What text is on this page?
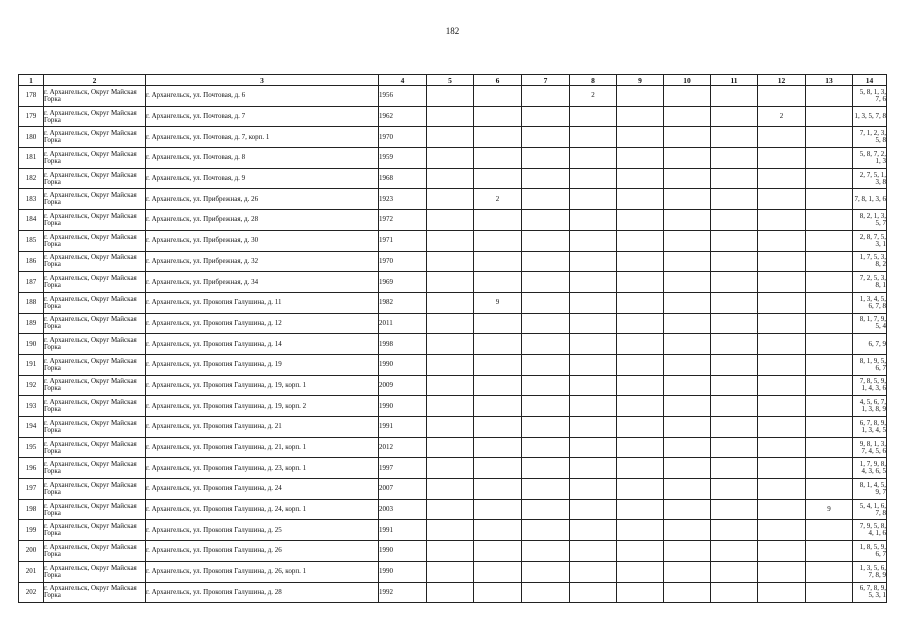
182
1	2	3	4	5	6	7	8	9	10	11	12	13	14
178	г. Архангельск, Округ Майская Горка	г. Архангельск, ул. Почтовая, д. 6	1956				2						5, 8, 1, 3, 7, 6
179	г. Архангельск, Округ Майская Горка	г. Архангельск, ул. Почтовая, д. 7	1962								2		1, 3, 5, 7, 8
180	г. Архангельск, Округ Майская Горка	г. Архангельск, ул. Почтовая, д. 7, корп. 1	1970										7, 1, 2, 3, 5, 8
181	г. Архангельск, Округ Майская Горка	г. Архангельск, ул. Почтовая, д. 8	1959										5, 8, 7, 2, 1, 3
182	г. Архангельск, Округ Майская Горка	г. Архангельск, ул. Почтовая, д. 9	1968										2, 7, 5, 1, 3, 8
183	г. Архангельск, Округ Майская Горка	г. Архангельск, ул. Прибрежная, д. 26	1923		2								7, 8, 1, 3, 6
184	г. Архангельск, Округ Майская Горка	г. Архангельск, ул. Прибрежная, д. 28	1972										8, 2, 1, 3, 5, 7
185	г. Архангельск, Округ Майская Горка	г. Архангельск, ул. Прибрежная, д. 30	1971										2, 8, 7, 5, 3, 1
186	г. Архангельск, Округ Майская Горка	г. Архангельск, ул. Прибрежная, д. 32	1970										1, 7, 5, 3, 8, 2
187	г. Архангельск, Округ Майская Горка	г. Архангельск, ул. Прибрежная, д. 34	1969										7, 2, 5, 3, 8, 1
188	г. Архангельск, Округ Майская Горка	г. Архангельск, ул. Прокопия Галушина, д. 11	1982		9								1, 3, 4, 5, 6, 7, 8
189	г. Архангельск, Округ Майская Горка	г. Архангельск, ул. Прокопия Галушина, д. 12	2011										8, 1, 7, 9, 5, 4
190	г. Архангельск, Округ Майская Горка	г. Архангельск, ул. Прокопия Галушина, д. 14	1998										6, 7, 9
191	г. Архангельск, Округ Майская Горка	г. Архангельск, ул. Прокопия Галушина, д. 19	1990										8, 1, 9, 5, 6, 7
192	г. Архангельск, Округ Майская Горка	г. Архангельск, ул. Прокопия Галушина, д. 19, корп. 1	2009										7, 8, 5, 9, 1, 4, 3, 6
193	г. Архангельск, Округ Майская Горка	г. Архангельск, ул. Прокопия Галушина, д. 19, корп. 2	1990										4, 5, 6, 7, 1, 3, 8, 9
194	г. Архангельск, Округ Майская Горка	г. Архангельск, ул. Прокопия Галушина, д. 21	1991										6, 7, 8, 9, 1, 3, 4, 5
195	г. Архангельск, Округ Майская Горка	г. Архангельск, ул. Прокопия Галушина, д. 21, корп. 1	2012										9, 8, 1, 3, 7, 4, 5, 6
196	г. Архангельск, Округ Майская Горка	г. Архангельск, ул. Прокопия Галушина, д. 23, корп. 1	1997										1, 7, 9, 8, 4, 3, 6, 5
197	г. Архангельск, Округ Майская Горка	г. Архангельск, ул. Прокопия Галушина, д. 24	2007										8, 1, 4, 5, 9, 7
198	г. Архангельск, Округ Майская Горка	г. Архангельск, ул. Прокопия Галушина, д. 24, корп. 1	2003									9	5, 4, 1, 6, 7, 8
199	г. Архангельск, Округ Майская Горка	г. Архангельск, ул. Прокопия Галушина, д. 25	1991										7, 9, 5, 8, 4, 1, 6
200	г. Архангельск, Округ Майская Горка	г. Архангельск, ул. Прокопия Галушина, д. 26	1990										1, 8, 5, 9, 6, 7
201	г. Архангельск, Округ Майская Горка	г. Архангельск, ул. Прокопия Галушина, д. 26, корп. 1	1990										1, 3, 5, 6, 7, 8, 9
202	г. Архангельск, Округ Майская Горка	г. Архангельск, ул. Прокопия Галушина, д. 28	1992										6, 7, 8, 9, 5, 3, 1
